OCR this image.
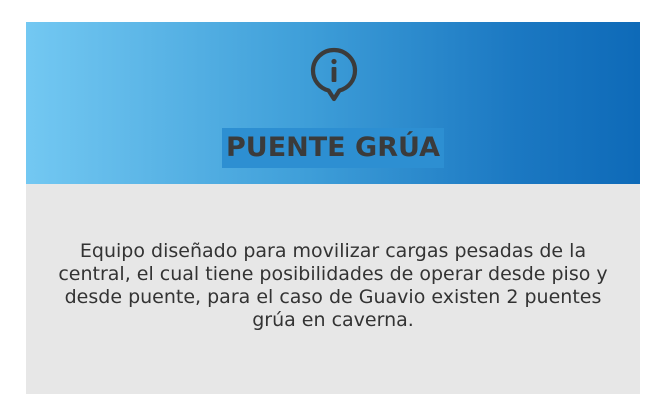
PUENTE GRÚA

Equipo diseñado para movilizar cargas pesadas de la central, el cual tiene posibilidades de operar desde piso y desde puente, para el caso de Guavio existen 2 puentes grúa en caverna.
